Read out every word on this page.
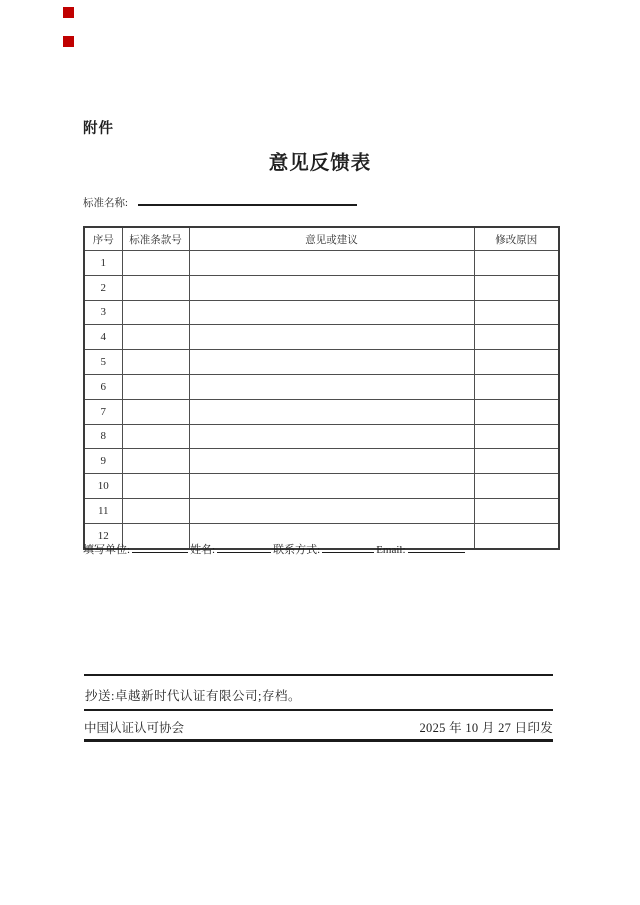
附件
意见反馈表
标准名称:
序号	标准条款号	意见或建议	修改原因
1			
2			
3			
4			
5			
6			
7			
8			
9			
10			
11			
12			
填写单位:	姓名:	联系方式:	Email:
抄送:卓越新时代认证有限公司;存档。
中国认证认可协会	2025 年 10 月 27 日印发
